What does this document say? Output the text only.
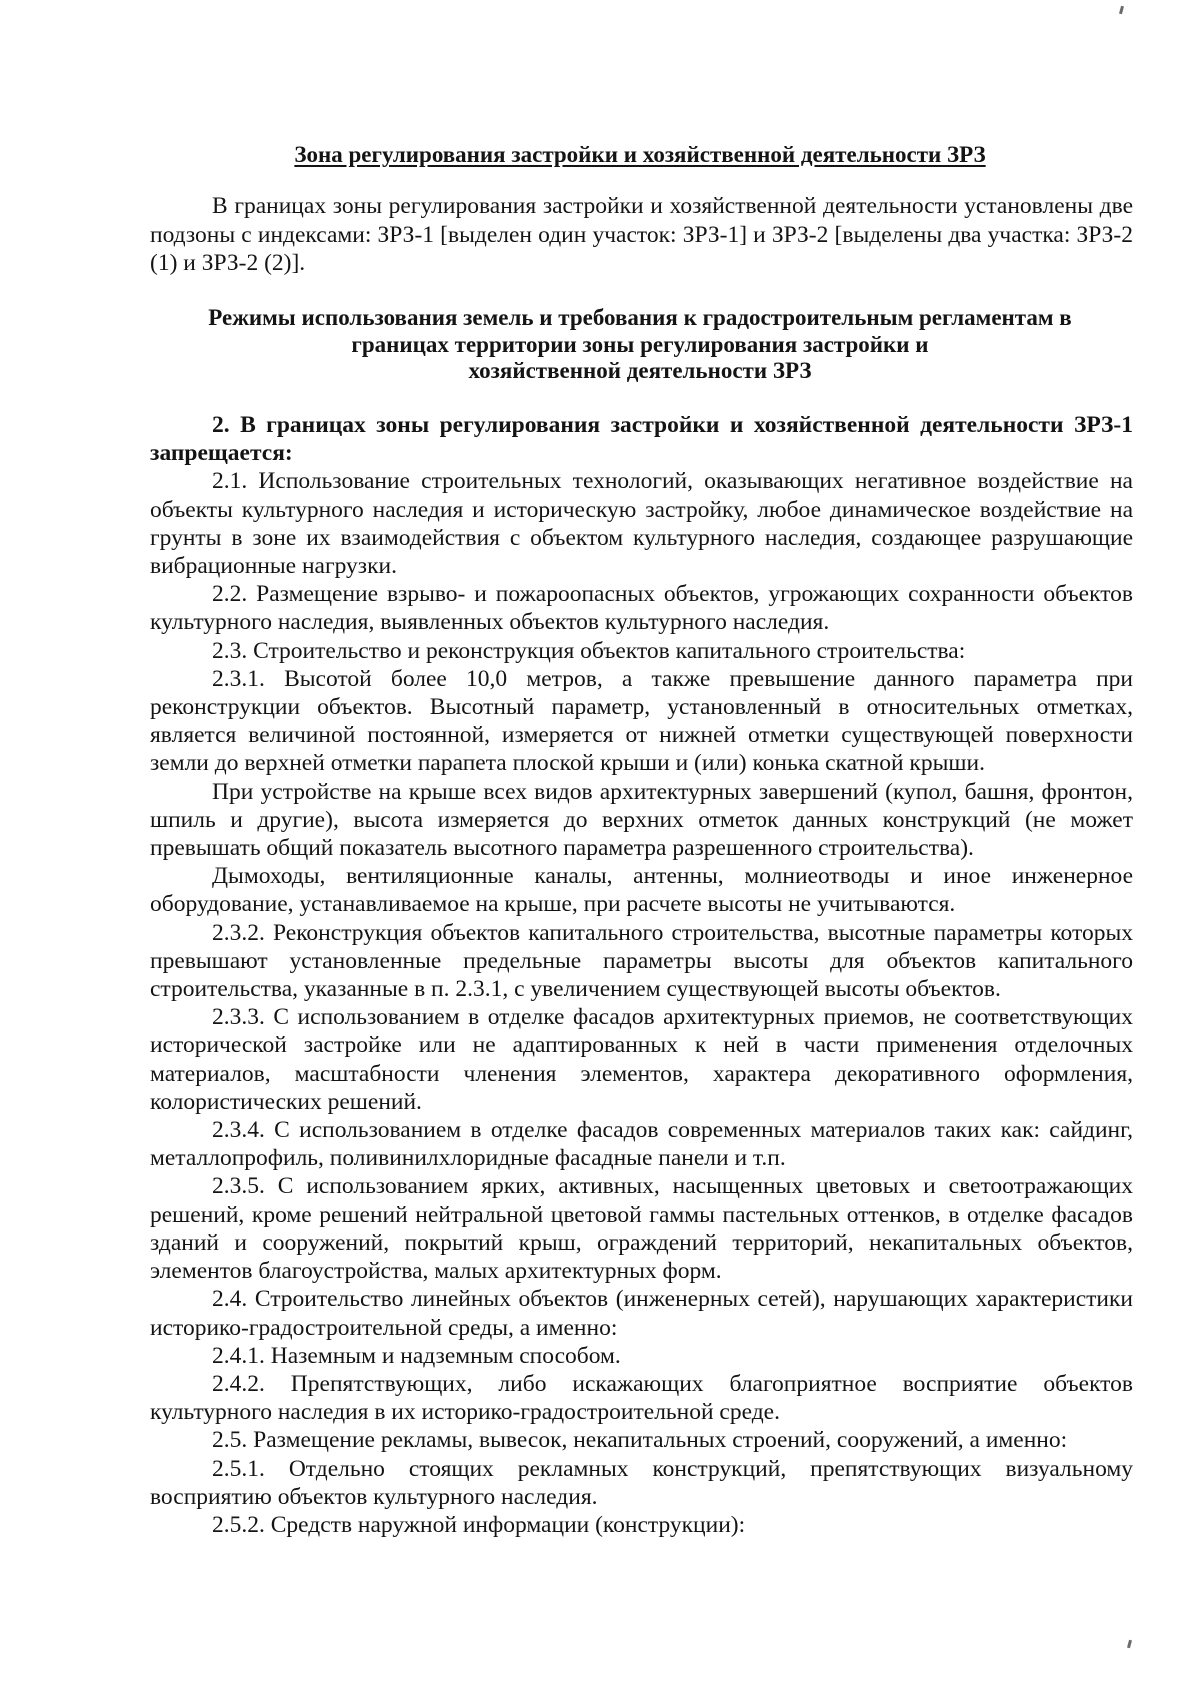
Зона регулирования застройки и хозяйственной деятельности ЗРЗ

В границах зоны регулирования застройки и хозяйственной деятельности установлены две подзоны с индексами: ЗРЗ-1 [выделен один участок: ЗРЗ-1] и ЗРЗ-2 [выделены два участка: ЗРЗ-2 (1) и ЗРЗ-2 (2)].

Режимы использования земель и требования к градостроительным регламентам в
границах территории зоны регулирования застройки и
хозяйственной деятельности ЗРЗ

2. В границах зоны регулирования застройки и хозяйственной деятельности ЗРЗ-1 запрещается:

2.1. Использование строительных технологий, оказывающих негативное воздействие на объекты культурного наследия и историческую застройку, любое динамическое воздействие на грунты в зоне их взаимодействия с объектом культурного наследия, создающее разрушающие вибрационные нагрузки.

2.2. Размещение взрыво- и пожароопасных объектов, угрожающих сохранности объектов культурного наследия, выявленных объектов культурного наследия.

2.3. Строительство и реконструкция объектов капитального строительства:

2.3.1. Высотой более 10,0 метров, а также превышение данного параметра при реконструкции объектов. Высотный параметр, установленный в относительных отметках, является величиной постоянной, измеряется от нижней отметки существующей поверхности земли до верхней отметки парапета плоской крыши и (или) конька скатной крыши.

При устройстве на крыше всех видов архитектурных завершений (купол, башня, фронтон, шпиль и другие), высота измеряется до верхних отметок данных конструкций (не может превышать общий показатель высотного параметра разрешенного строительства).

Дымоходы, вентиляционные каналы, антенны, молниеотводы и иное инженерное оборудование, устанавливаемое на крыше, при расчете высоты не учитываются.

2.3.2. Реконструкция объектов капитального строительства, высотные параметры которых превышают установленные предельные параметры высоты для объектов капитального строительства, указанные в п. 2.3.1, с увеличением существующей высоты объектов.

2.3.3. С использованием в отделке фасадов архитектурных приемов, не соответствующих исторической застройке или не адаптированных к ней в части применения отделочных материалов, масштабности членения элементов, характера декоративного оформления, колористических решений.

2.3.4. С использованием в отделке фасадов современных материалов таких как: сайдинг, металлопрофиль, поливинилхлоридные фасадные панели и т.п.

2.3.5. С использованием ярких, активных, насыщенных цветовых и светоотражающих решений, кроме решений нейтральной цветовой гаммы пастельных оттенков, в отделке фасадов зданий и сооружений, покрытий крыш, ограждений территорий, некапитальных объектов, элементов благоустройства, малых архитектурных форм.

2.4. Строительство линейных объектов (инженерных сетей), нарушающих характеристики историко-градостроительной среды, а именно:

2.4.1. Наземным и надземным способом.

2.4.2. Препятствующих, либо искажающих благоприятное восприятие объектов культурного наследия в их историко-градостроительной среде.

2.5. Размещение рекламы, вывесок, некапитальных строений, сооружений, а именно:

2.5.1. Отдельно стоящих рекламных конструкций, препятствующих визуальному восприятию объектов культурного наследия.

2.5.2. Средств наружной информации (конструкции):
